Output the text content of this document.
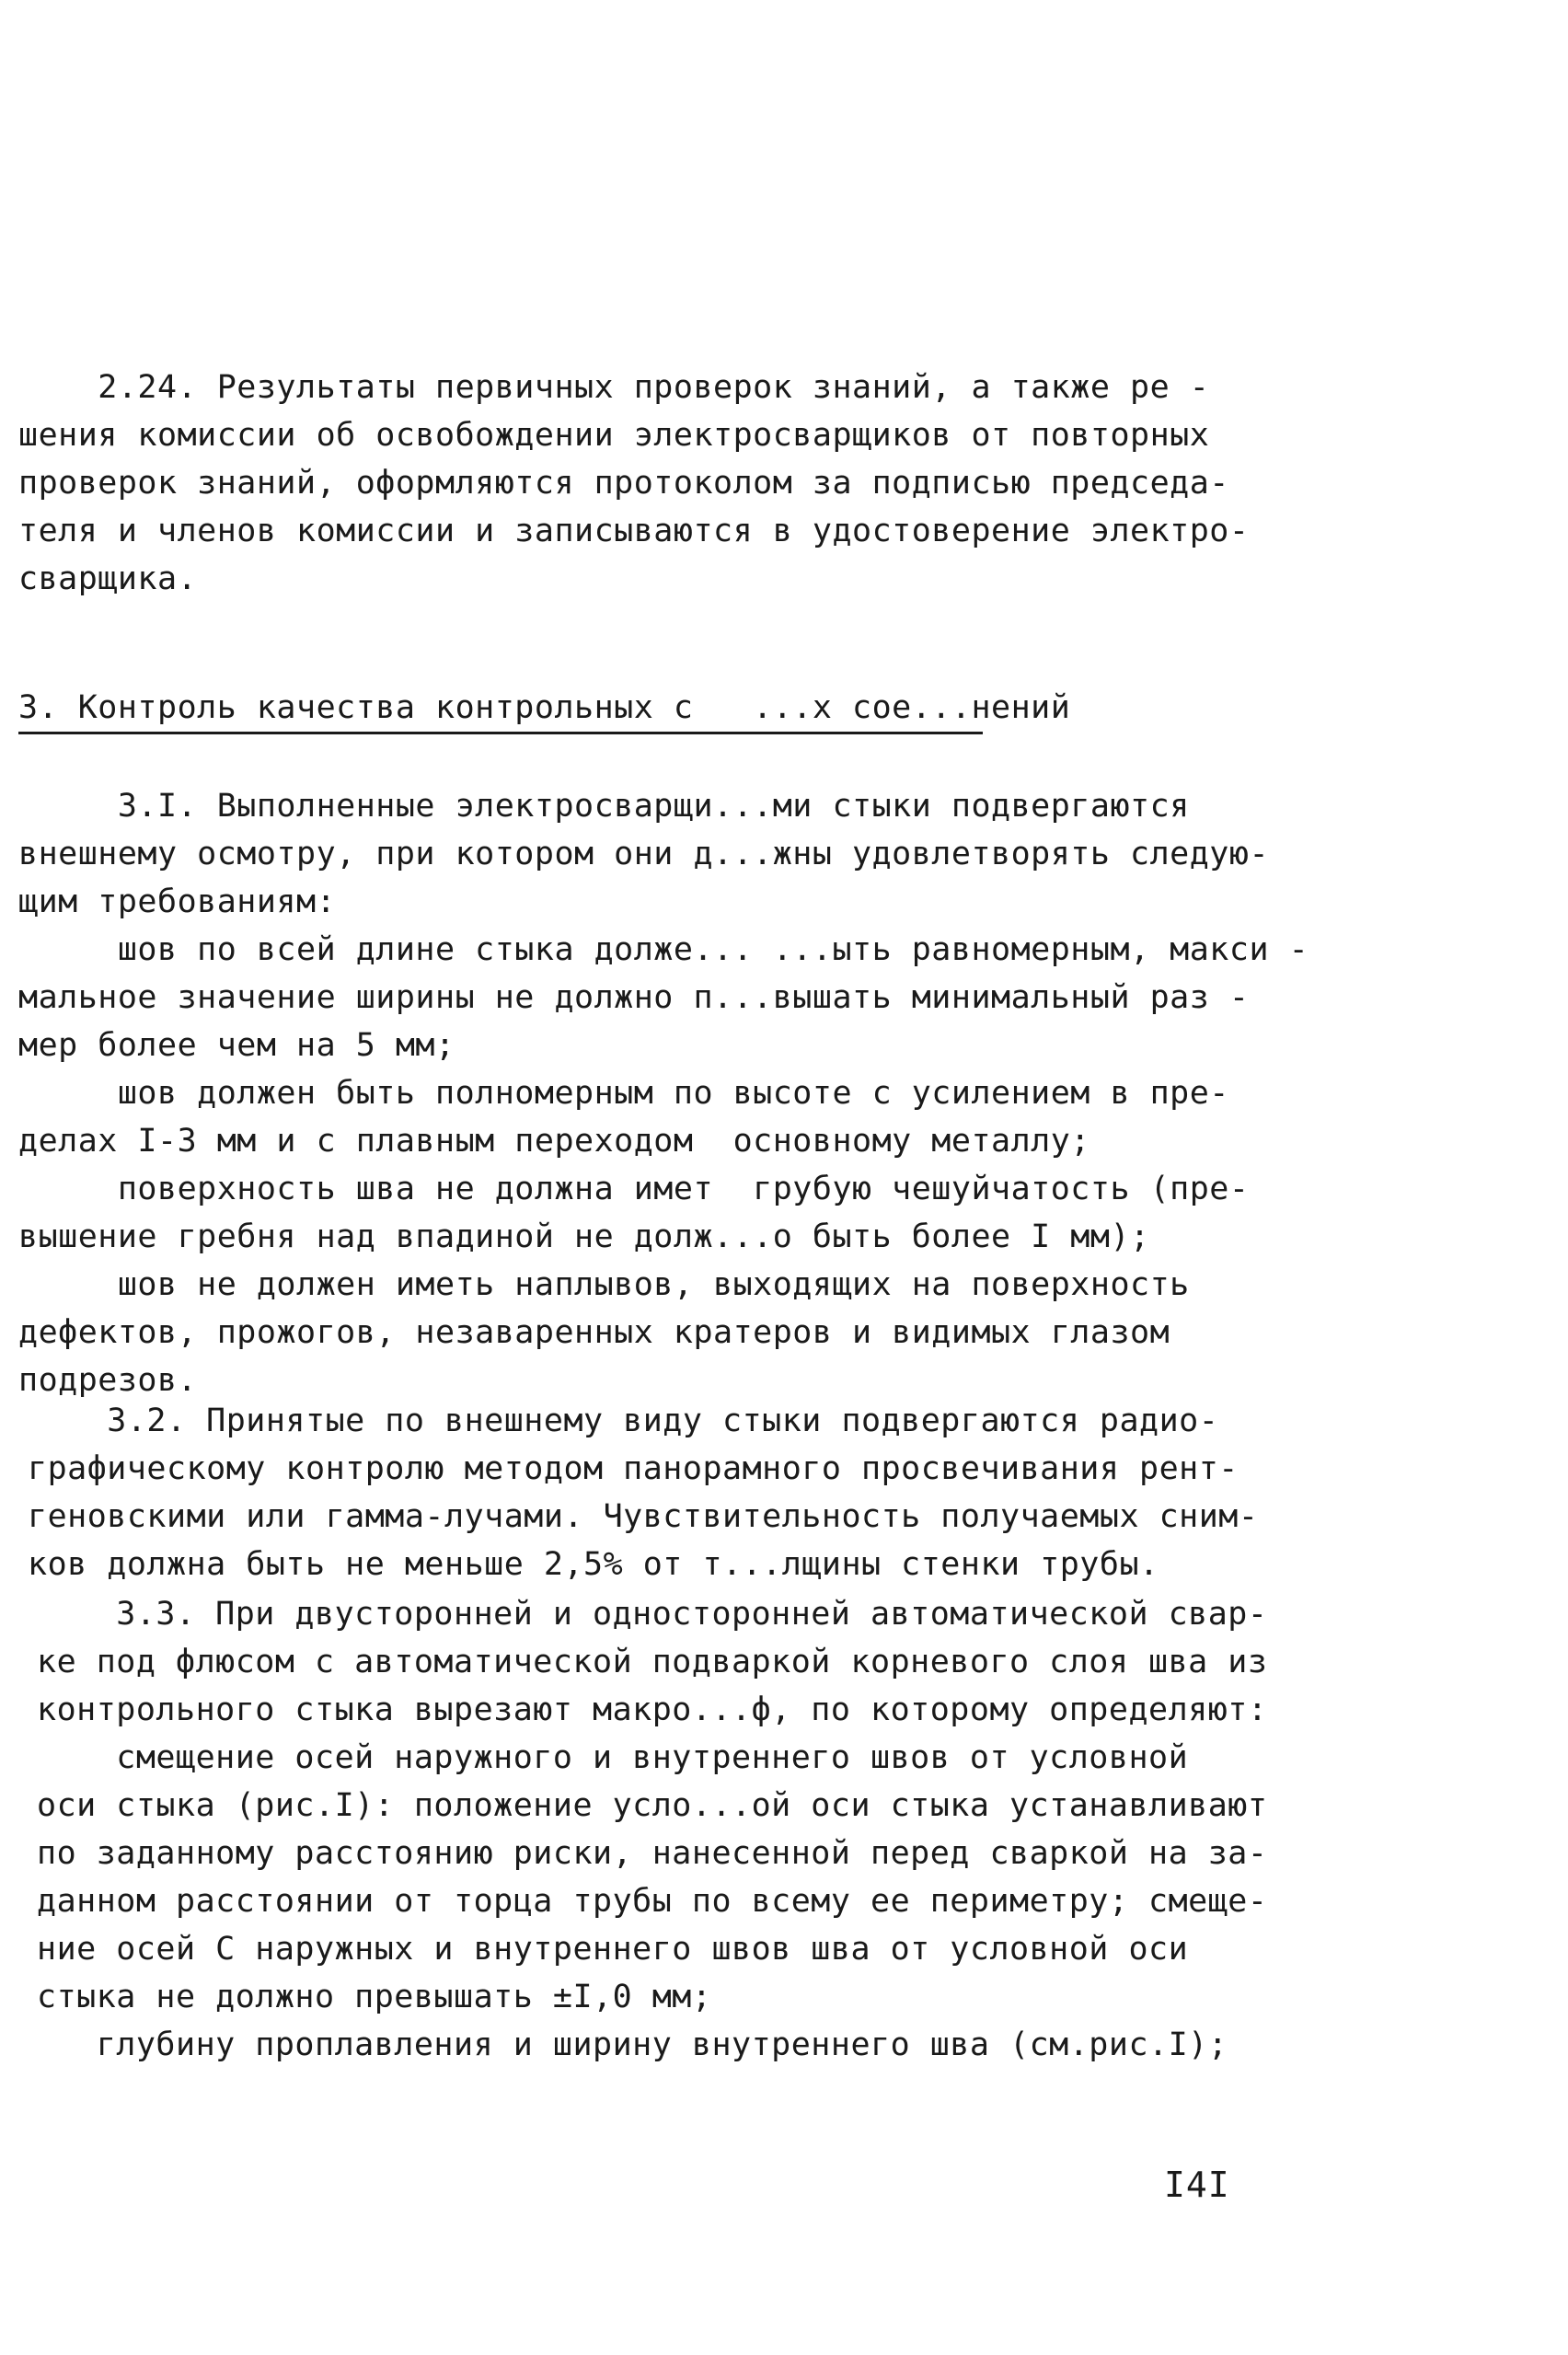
2.24. Результаты первичных проверок знаний, а также ре -
шения комиссии об освобождении электросварщиков от повторных
проверок знаний, оформляются протоколом за подписью председа-
теля и членов комиссии и записываются в удостоверение электро-
сварщика.
3. Контроль качества контрольных с   ...х сое...нений
3.I. Выполненные электросварщи...ми стыки подвергаются
внешнему осмотру, при котором они д...жны удовлетворять следую-
щим требованиям:
шов по всей длине стыка долже... ...ыть равномерным, макси -
мальное значение ширины не должно п...вышать минимальный раз -
мер более чем на 5 мм;
шов должен быть полномерным по высоте с усилением в пре-
делах I-3 мм и с плавным переходом  основному металлу;
поверхность шва не должна имет  грубую чешуйчатость (пре-
вышение гребня над впадиной не долж...о быть более I мм);
шов не должен иметь наплывов, выходящих на поверхность
дефектов, прожогов, незаваренных кратеров и видимых глазом
подрезов.
3.2. Принятые по внешнему виду стыки подвергаются радио-
графическому контролю методом панорамного просвечивания рент-
геновскими или гамма-лучами. Чувствительность получаемых сним-
ков должна быть не меньше 2,5% от т...лщины стенки трубы.
3.3. При двусторонней и односторонней автоматической свар-
ке под флюсом с автоматической подваркой корневого слоя шва из
контрольного стыка вырезают макро...ф, по которому определяют:
смещение осей наружного и внутреннего швов от условной
оси стыка (рис.I): положение усло...ой оси стыка устанавливают
по заданному расстоянию риски, нанесенной перед сваркой на за-
данном расстоянии от торца трубы по всему ее периметру; смеще-
ние осей С наружных и внутреннего швов шва от условной оси
стыка не должно превышать ±I,0 мм;
глубину проплавления и ширину внутреннего шва (см.рис.I);
I4I
